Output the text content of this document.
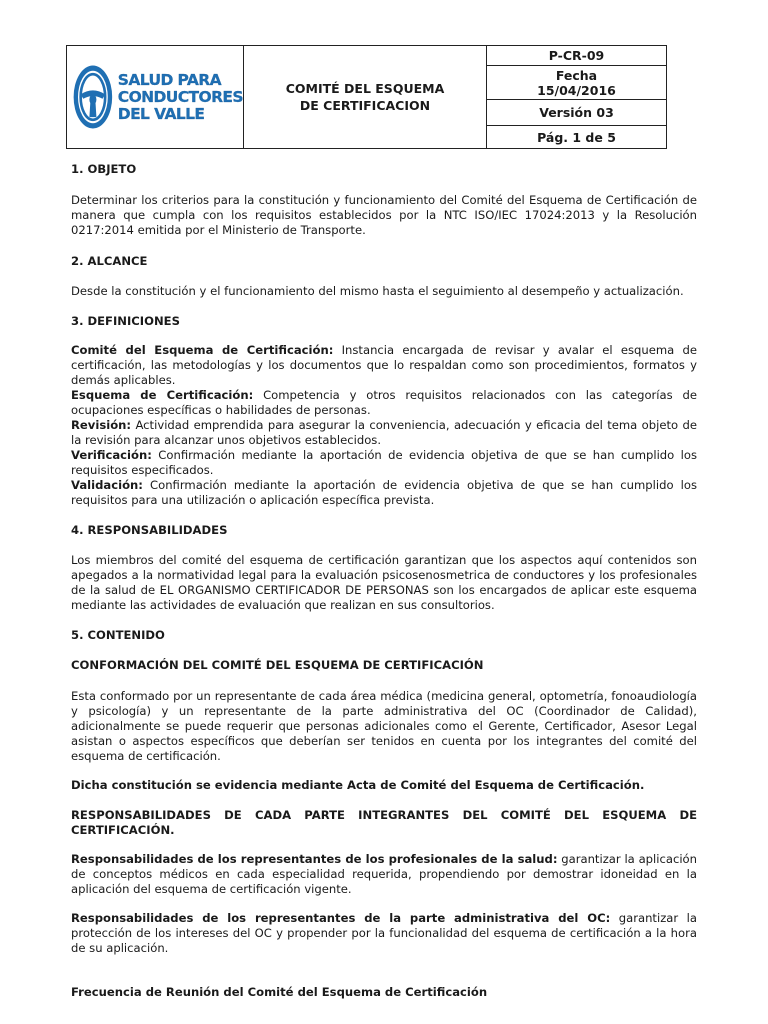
SALUD PARA
CONDUCTORES
DEL VALLE

COMITÉ DEL ESQUEMA DE CERTIFICACION
	P-CR-09

Fecha
15/04/2016

Versión 03
Pág. 1 de 5

1. OBJETO

Determinar los criterios para la constitución y funcionamiento del Comité del Esquema de Certificación de manera que cumpla con los requisitos establecidos por la NTC ISO/IEC 17024:2013 y la Resolución 0217:2014 emitida por el Ministerio de Transporte.

2. ALCANCE

Desde la constitución y el funcionamiento del mismo hasta el seguimiento al desempeño y actualización.

3. DEFINICIONES

Comité del Esquema de Certificación: Instancia encargada de revisar y avalar el esquema de certificación, las metodologías y los documentos que lo respaldan como son procedimientos, formatos y demás aplicables.

Esquema de Certificación: Competencia y otros requisitos relacionados con las categorías de ocupaciones específicas o habilidades de personas.

Revisión: Actividad emprendida para asegurar la conveniencia, adecuación y eficacia del tema objeto de la revisión para alcanzar unos objetivos establecidos.

Verificación: Confirmación mediante la aportación de evidencia objetiva de que se han cumplido los requisitos especificados.

Validación: Confirmación mediante la aportación de evidencia objetiva de que se han cumplido los requisitos para una utilización o aplicación específica prevista.

4. RESPONSABILIDADES

Los miembros del comité del esquema de certificación garantizan que los aspectos aquí contenidos son apegados a la normatividad legal para la evaluación psicosenosmetrica de conductores y los profesionales de la salud de EL ORGANISMO CERTIFICADOR DE PERSONAS son los encargados de aplicar este esquema mediante las actividades de evaluación que realizan en sus consultorios.

5. CONTENIDO

CONFORMACIÓN DEL COMITÉ DEL ESQUEMA DE CERTIFICACIÓN

Esta conformado por un representante de cada área médica (medicina general, optometría, fonoaudiología y psicología) y un representante de la parte administrativa del OC (Coordinador de Calidad), adicionalmente se puede requerir que personas adicionales como el Gerente, Certificador, Asesor Legal asistan o aspectos específicos que deberían ser tenidos en cuenta por los integrantes del comité del esquema de certificación.

Dicha constitución se evidencia mediante Acta de Comité del Esquema de Certificación.

RESPONSABILIDADES DE CADA PARTE INTEGRANTES DEL COMITÉ DEL ESQUEMA DE CERTIFICACIÓN.

Responsabilidades de los representantes de los profesionales de la salud: garantizar la aplicación de conceptos médicos en cada especialidad requerida, propendiendo por demostrar idoneidad en la aplicación del esquema de certificación vigente.

Responsabilidades de los representantes de la parte administrativa del OC: garantizar la protección de los intereses del OC y propender por la funcionalidad del esquema de certificación a la hora de su aplicación.

Frecuencia de Reunión del Comité del Esquema de Certificación
